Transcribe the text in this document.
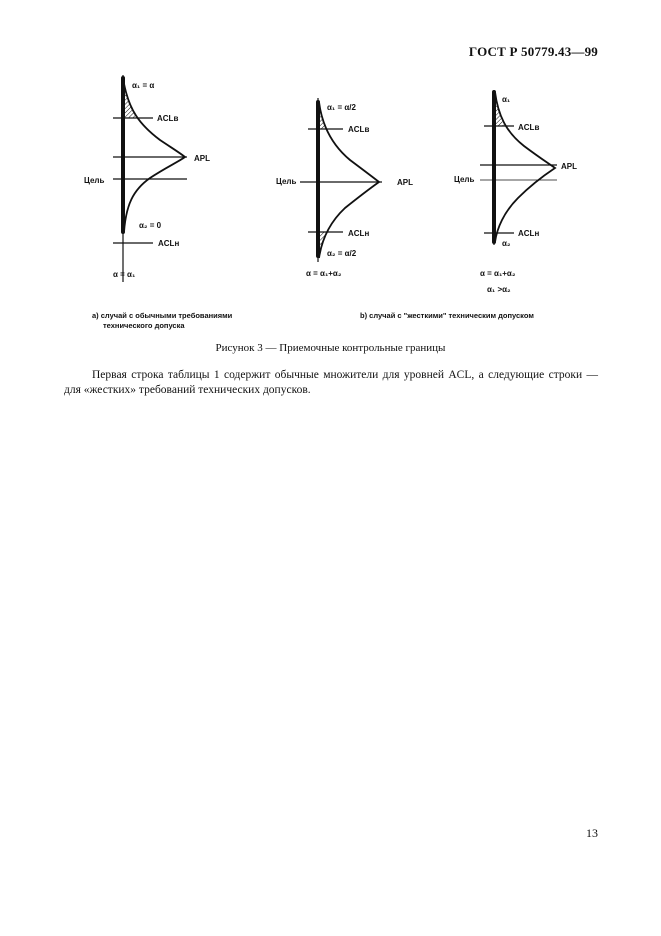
ГОСТ Р 50779.43—99
α₁ = α
ACLв
APL
Цель
α₂ = 0
ACLн
α = α₁
а) случай с обычными требованиями
технического допуска
α₁ = α/2
ACLв
APL
Цель
ACLн
α₂ = α/2
α = α₁+α₂
b) случай с "жесткими" техническим допуском
α₁
ACLв
APL
Цель
ACLн
α₂
α = α₁+α₂
α₁ >α₂
Рисунок 3 — Приемочные контрольные границы
Первая строка таблицы 1 содержит обычные множители для уровней ACL, а следующие строки — для «жестких» требований технических допусков.
13
